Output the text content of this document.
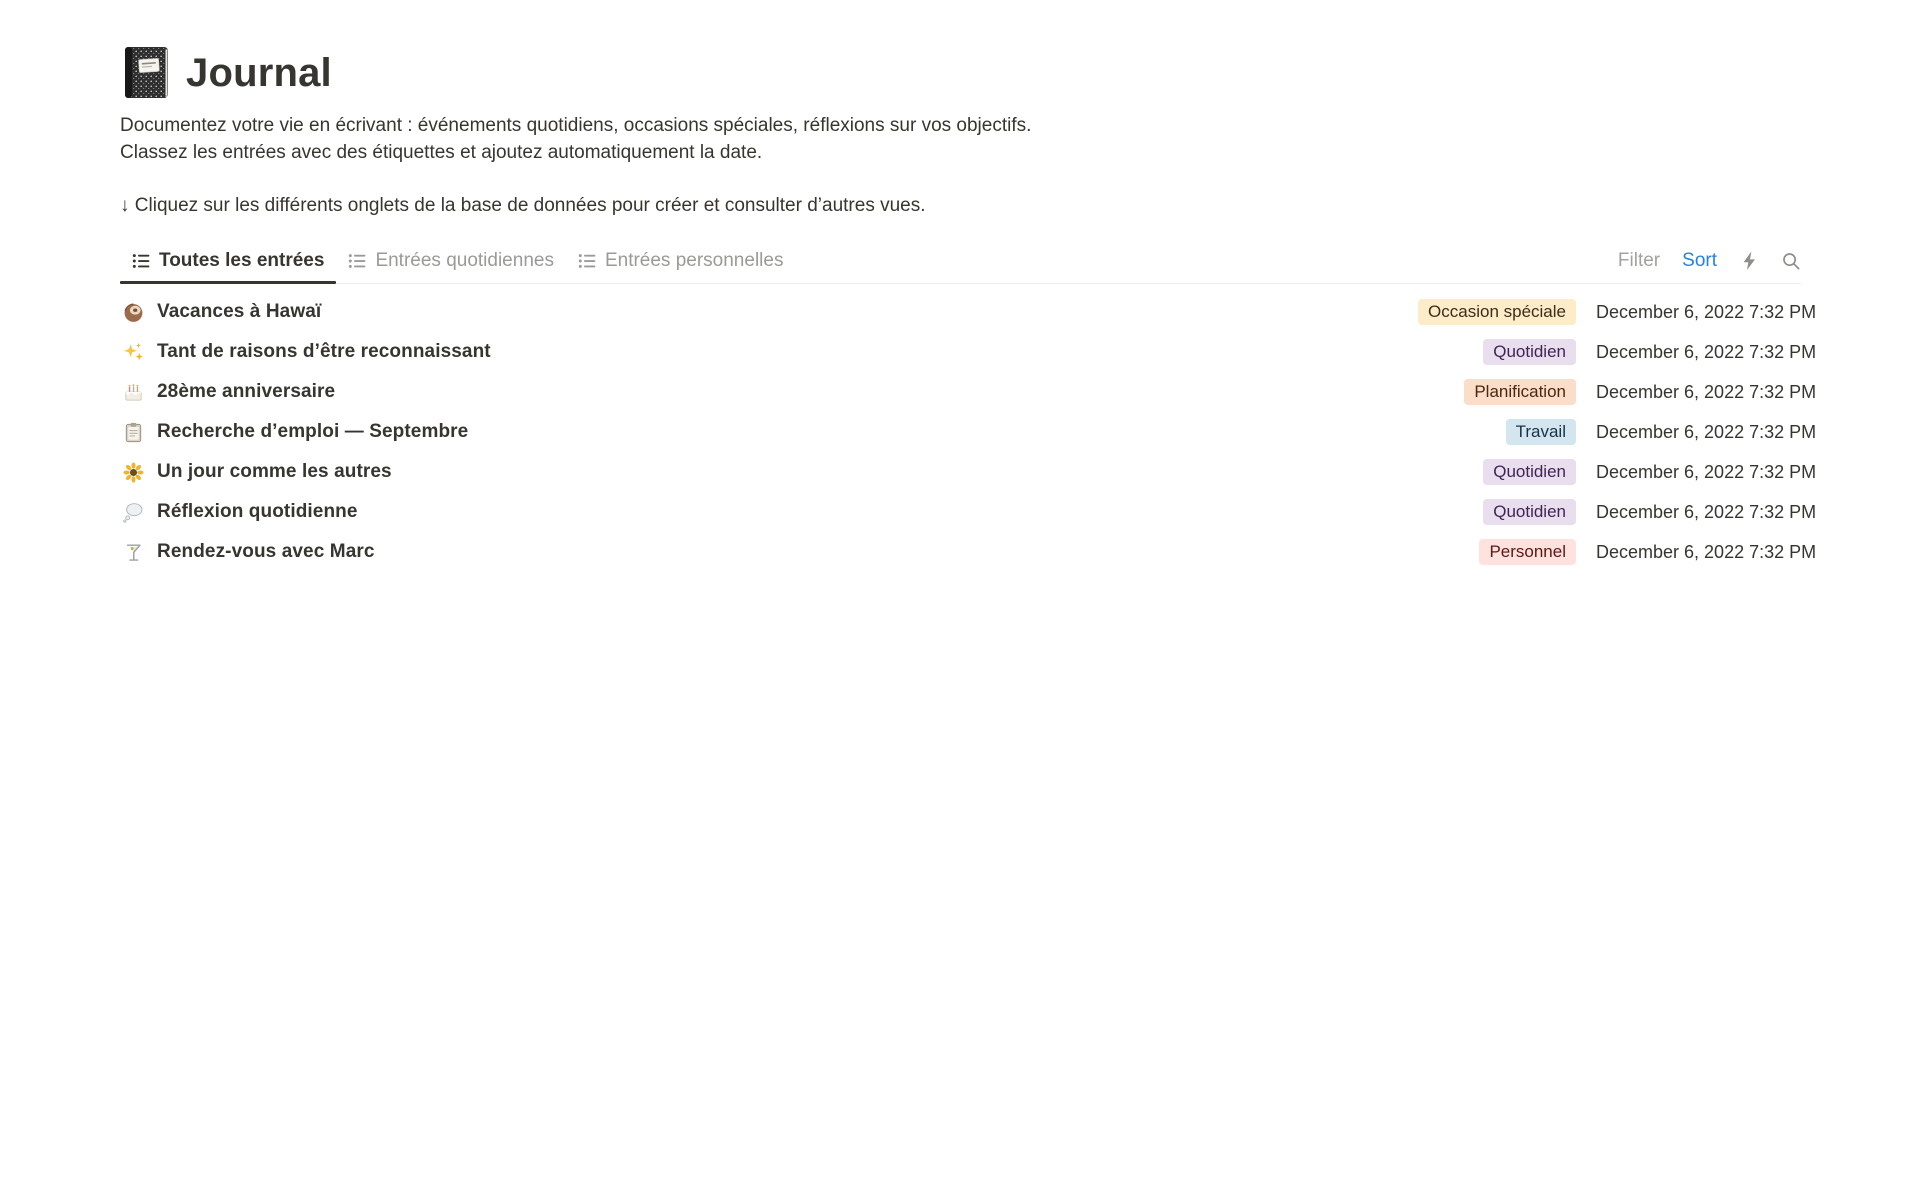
Journal
Documentez votre vie en écrivant : événements quotidiens, occasions spéciales, réflexions sur vos objectifs.
Classez les entrées avec des étiquettes et ajoutez automatiquement la date.
↓ Cliquez sur les différents onglets de la base de données pour créer et consulter d’autres vues.
Toutes les entrées	Entrées quotidiennes	Entrées personnelles	Filter Sort
Vacances à Hawaï	Occasion spéciale	December 6, 2022 7:32 PM
Tant de raisons d’être reconnaissant	Quotidien	December 6, 2022 7:32 PM
28ème anniversaire	Planification	December 6, 2022 7:32 PM
Recherche d’emploi — Septembre	Travail	December 6, 2022 7:32 PM
Un jour comme les autres	Quotidien	December 6, 2022 7:32 PM
Réflexion quotidienne	Quotidien	December 6, 2022 7:32 PM
Rendez-vous avec Marc	Personnel	December 6, 2022 7:32 PM
